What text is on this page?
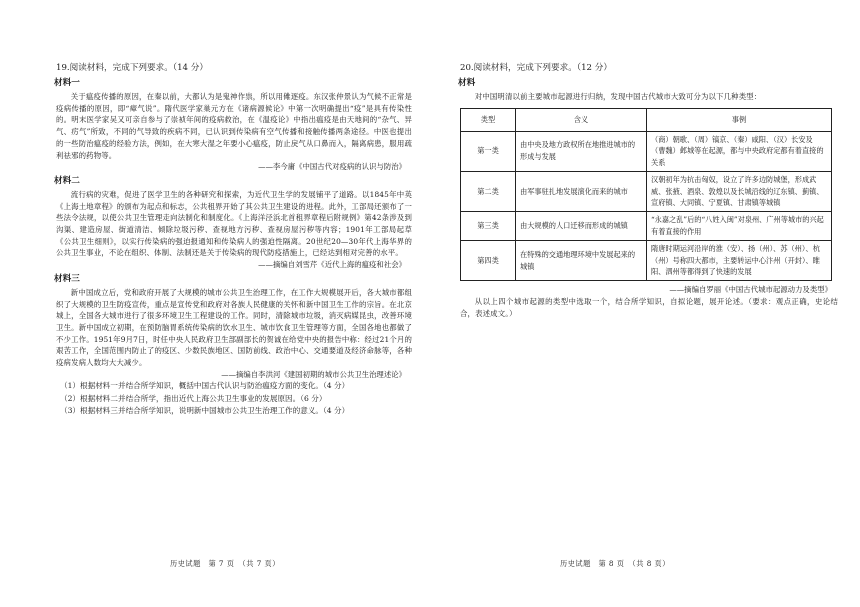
19.阅读材料，完成下列要求。（14 分）

材料一

关于瘟疫传播的原因，在秦以前，大都认为是鬼神作祟，所以用傩逐疫。东汉张仲景认为气候不正常是疫病传播的原因，即“瘴气说”。隋代医学家巢元方在《诸病源候论》中第一次明确提出“疫”是具有传染性的。明末医学家吴又可亲自参与了崇祯年间的疫病救治，在《温疫论》中指出瘟疫是由天地间的“杂气、异气、疠气”所致，不同的气导致的疾病不同，已认识到传染病有空气传播和接触传播两条途径。中医也提出的一些防治瘟疫的经验方法，例如，在大寒大湿之年要小心瘟疫，防止戾气从口鼻而入，隔离病患，服用疏利祛邪的药物等。

——李今庸《中国古代对疫病的认识与防治》

材料二

流行病的灾难，促进了医学卫生的各种研究和探索，为近代卫生学的发展铺平了道路。以1845年中英《上海土地章程》的颁布为起点和标志，公共租界开始了其公共卫生建设的进程。此外，工部局还颁布了一些法令法规，以使公共卫生管理走向法制化和制度化。《上海洋泾浜北首租界章程后附规例》第42条涉及到沟渠、建造房屋、街道清洁、倾除垃圾污秽、查视地方污秽、查视房屋污秽等内容；1901年工部局起草《公共卫生细则》，以实行传染病的强迫报通知和传染病人的强迫性隔离。20世纪20—30年代上海华界的公共卫生事业，不论在组织、体制、法制还是关于传染病的现代防疫措施上，已经达到相对完善的水平。

——摘编自刘雪芹《近代上海的瘟疫和社会》

材料三

新中国成立后，党和政府开展了大规模的城市公共卫生治理工作，在工作大规模展开后，各大城市都组织了大规模的卫生防疫宣传，重点是宣传党和政府对各族人民健康的关怀和新中国卫生工作的宗旨。在北京城上，全国各大城市进行了很多环境卫生工程建设的工作。同时，清除城市垃圾，消灭病媒昆虫，改善环境卫生。新中国成立初期，在预防脑胃系统传染病的饮水卫生、城市饮食卫生管理等方面，全国各地也都做了不少工作。1951年9月7日，时任中央人民政府卫生部副部长的贺诚在给党中央的报告中称：经过21个月的艰苦工作，全国范围内防止了的疫区、少数民族地区、国防前线、政治中心、交通要道及经济命脉等，各种疫病发病人数均大大减少。

——摘编自李洪河《建国初期的城市公共卫生治理述论》

（1）根据材料一并结合所学知识，概括中国古代认识与防治瘟疫方面的变化。（4 分）

（2）根据材料二并结合所学，指出近代上海公共卫生事业的发展原因。（6 分）

（3）根据材料三并结合所学知识，说明新中国城市公共卫生治理工作的意义。（4 分）

历史试题　第 7 页　（共 7 页）

20.阅读材料，完成下列要求。（12 分）

材料

对中国明清以前主要城市起源进行归纳，发现中国古代城市大致可分为以下几种类型：

类型	含义	事例
第一类	由中央及地方政权所在地推进城市的形成与发展	（商）朝歌、（周）镐京、（秦）咸阳、（汉）长安及（曹魏）邺城等在起源，都与中央政府定都有着直接的关系
第二类	由军事驻扎地发展演化而来的城市	汉朝初年为抗击匈奴，设立了许多边防城堡，形成武威、张掖、酒泉、敦煌以及长城沿线的辽东镇、蓟镇、宣府镇、大同镇、宁夏镇、甘肃镇等城镇
第三类	由大规模的人口迁移而形成的城镇	“永嘉之乱”后的“八姓入闽”对泉州、广州等城市的兴起有着直接的作用
第四类	在特殊的交通地理环境中发展起来的城镇	隋唐时期运河沿岸的淮（安）、扬（州）、苏（州）、杭（州）号称四大都市，主要转运中心汴州（开封）、睢阳、泗州等都得到了快速的发展

——摘编自罗丽《中国古代城市起源动力及类型》

从以上四个城市起源的类型中选取一个，结合所学知识，自拟论题，展开论述。（要求：观点正确，史论结合，表述成文。）

历史试题　第 8 页　（共 8 页）
